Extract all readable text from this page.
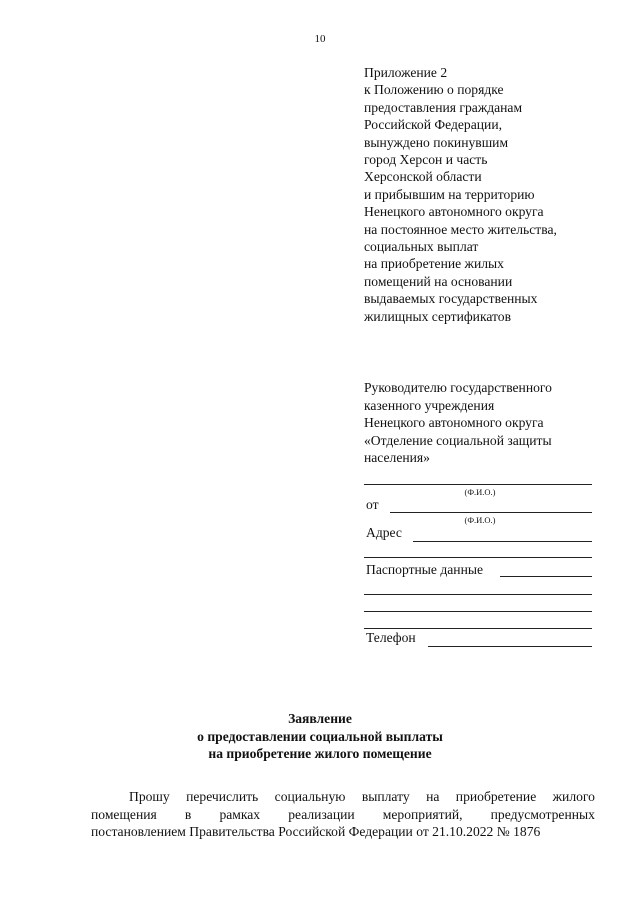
10
Приложение 2
к Положению о порядке
предоставления гражданам
Российской Федерации,
вынуждено покинувшим
город Херсон и часть
Херсонской области
и прибывшим на территорию
Ненецкого автономного округа
на постоянное место жительства,
социальных выплат
на приобретение жилых
помещений на основании
выдаваемых государственных
жилищных сертификатов
Руководителю государственного
казенного учреждения
Ненецкого автономного округа
«Отделение социальной защиты
населения»
(Ф.И.О.)
от
(Ф.И.О.)
Адрес
Паспортные данные
Телефон
Заявление
о предоставлении социальной выплаты
на приобретение жилого помещение
Прошу перечислить социальную выплату на приобретение жилого
помещения в рамках реализации мероприятий, предусмотренных
постановлением Правительства Российской Федерации от 21.10.2022 № 1876
